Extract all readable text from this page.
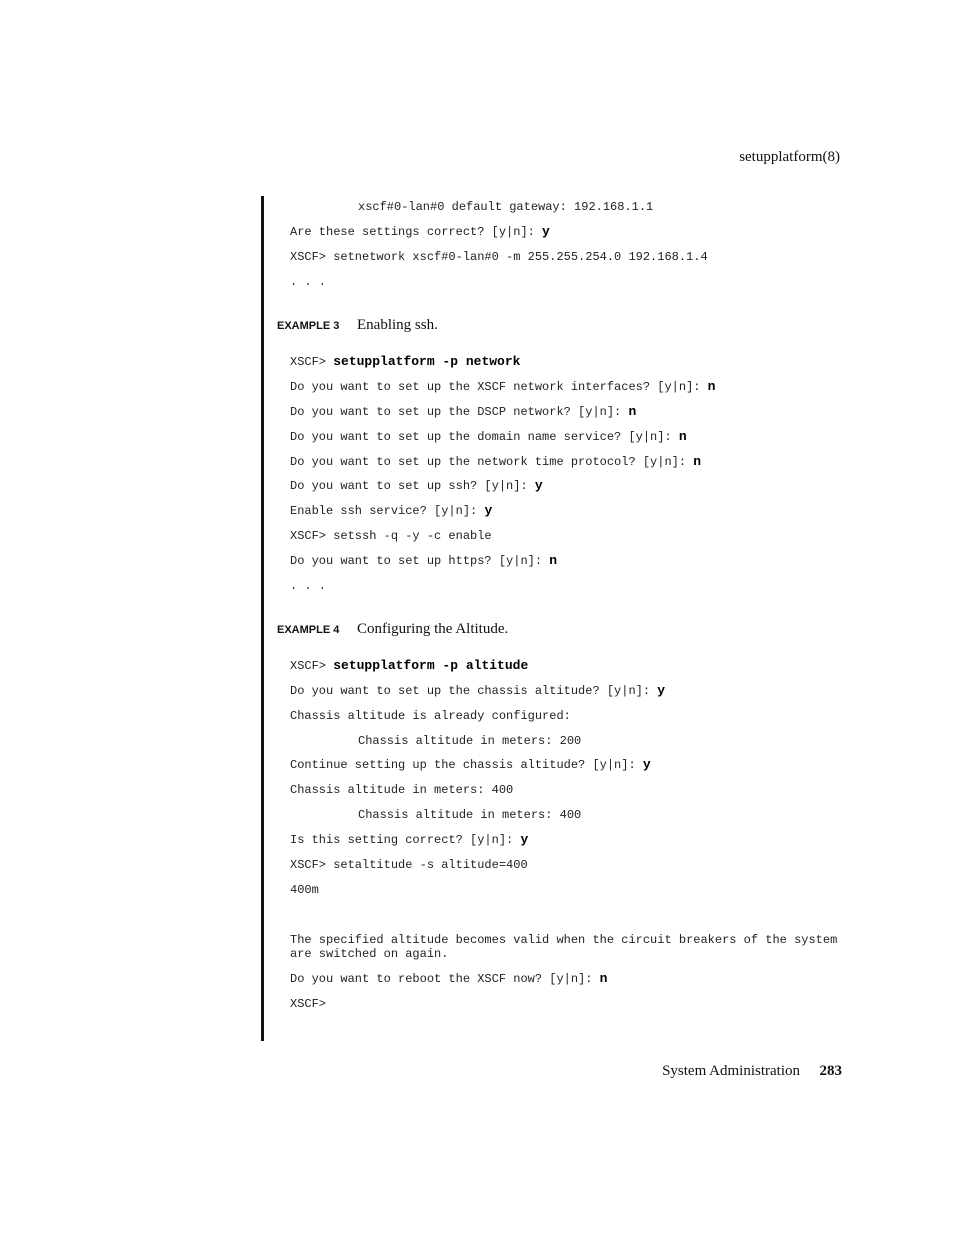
setupplatform(8)
xscf#0-lan#0 default gateway: 192.168.1.1
Are these settings correct? [y|n]: y
XSCF> setnetwork xscf#0-lan#0 -m 255.255.254.0 192.168.1.4
. . .
EXAMPLE 3 Enabling ssh.
XSCF> setupplatform -p network
Do you want to set up the XSCF network interfaces? [y|n]: n
Do you want to set up the DSCP network? [y|n]: n
Do you want to set up the domain name service? [y|n]: n
Do you want to set up the network time protocol? [y|n]: n
Do you want to set up ssh? [y|n]: y
Enable ssh service? [y|n]: y
XSCF> setssh -q -y -c enable
Do you want to set up https? [y|n]: n
. . .
EXAMPLE 4 Configuring the Altitude.
XSCF> setupplatform -p altitude
Do you want to set up the chassis altitude? [y|n]: y
Chassis altitude is already configured:
Chassis altitude in meters: 200
Continue setting up the chassis altitude? [y|n]: y
Chassis altitude in meters: 400
Chassis altitude in meters: 400
Is this setting correct? [y|n]: y
XSCF> setaltitude -s altitude=400
400m
The specified altitude becomes valid when the circuit breakers of the system are switched on again.
Do you want to reboot the XSCF now? [y|n]: n
XSCF>
System Administration 283
